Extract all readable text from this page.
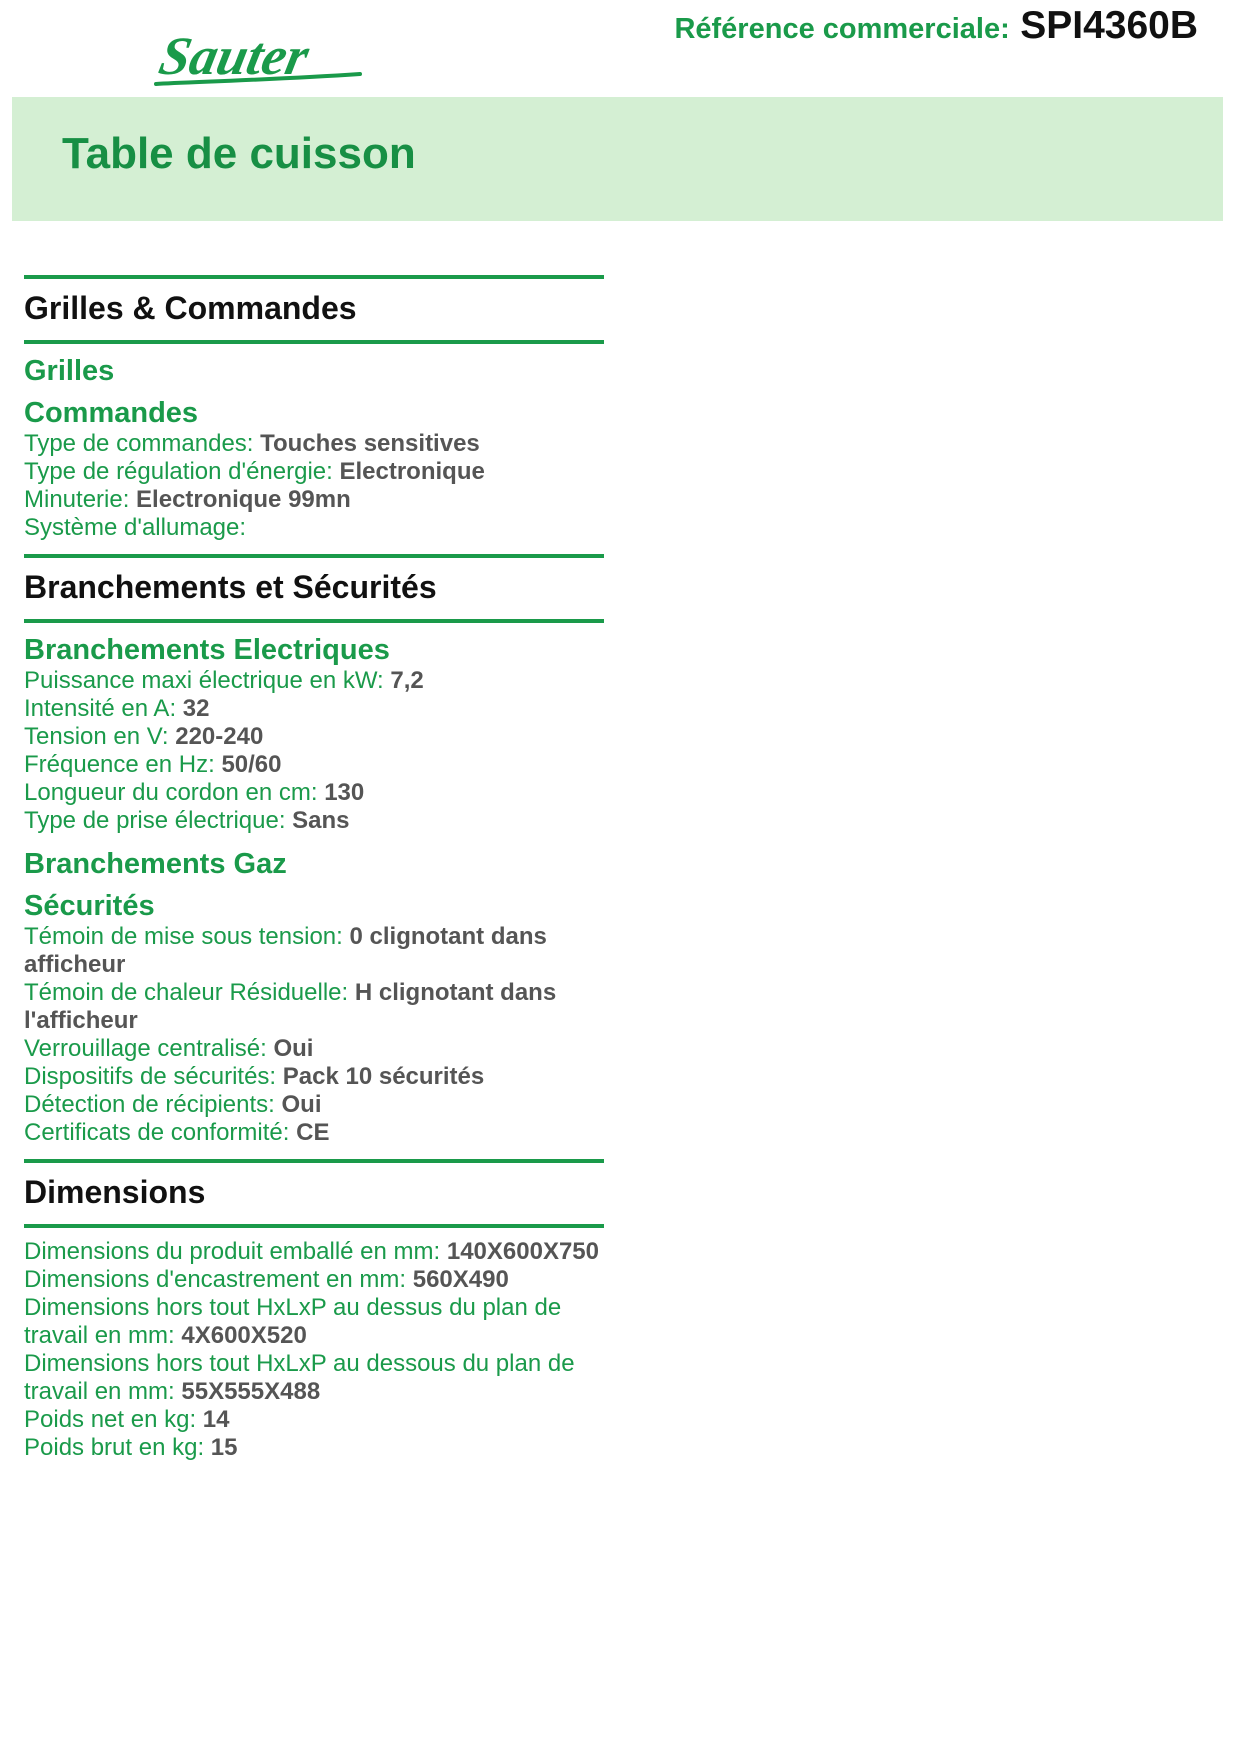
Sauter	Référence commerciale: SPI4360B
Table de cuisson
Grilles & Commandes
Grilles
Commandes
Type de commandes: Touches sensitives
Type de régulation d'énergie: Electronique
Minuterie: Electronique 99mn
Système d'allumage:
Branchements et Sécurités
Branchements Electriques
Puissance maxi électrique en kW: 7,2
Intensité en A: 32
Tension en V: 220-240
Fréquence en Hz: 50/60
Longueur du cordon en cm: 130
Type de prise électrique: Sans
Branchements Gaz
Sécurités
Témoin de mise sous tension: 0 clignotant dans afficheur
Témoin de chaleur Résiduelle: H clignotant dans l'afficheur
Verrouillage centralisé: Oui
Dispositifs de sécurités: Pack 10 sécurités
Détection de récipients: Oui
Certificats de conformité: CE
Dimensions
Dimensions du produit emballé en mm: 140X600X750
Dimensions d'encastrement en mm: 560X490
Dimensions hors tout HxLxP au dessus du plan de travail en mm: 4X600X520
Dimensions hors tout HxLxP au dessous du plan de travail en mm: 55X555X488
Poids net en kg: 14
Poids brut en kg: 15
